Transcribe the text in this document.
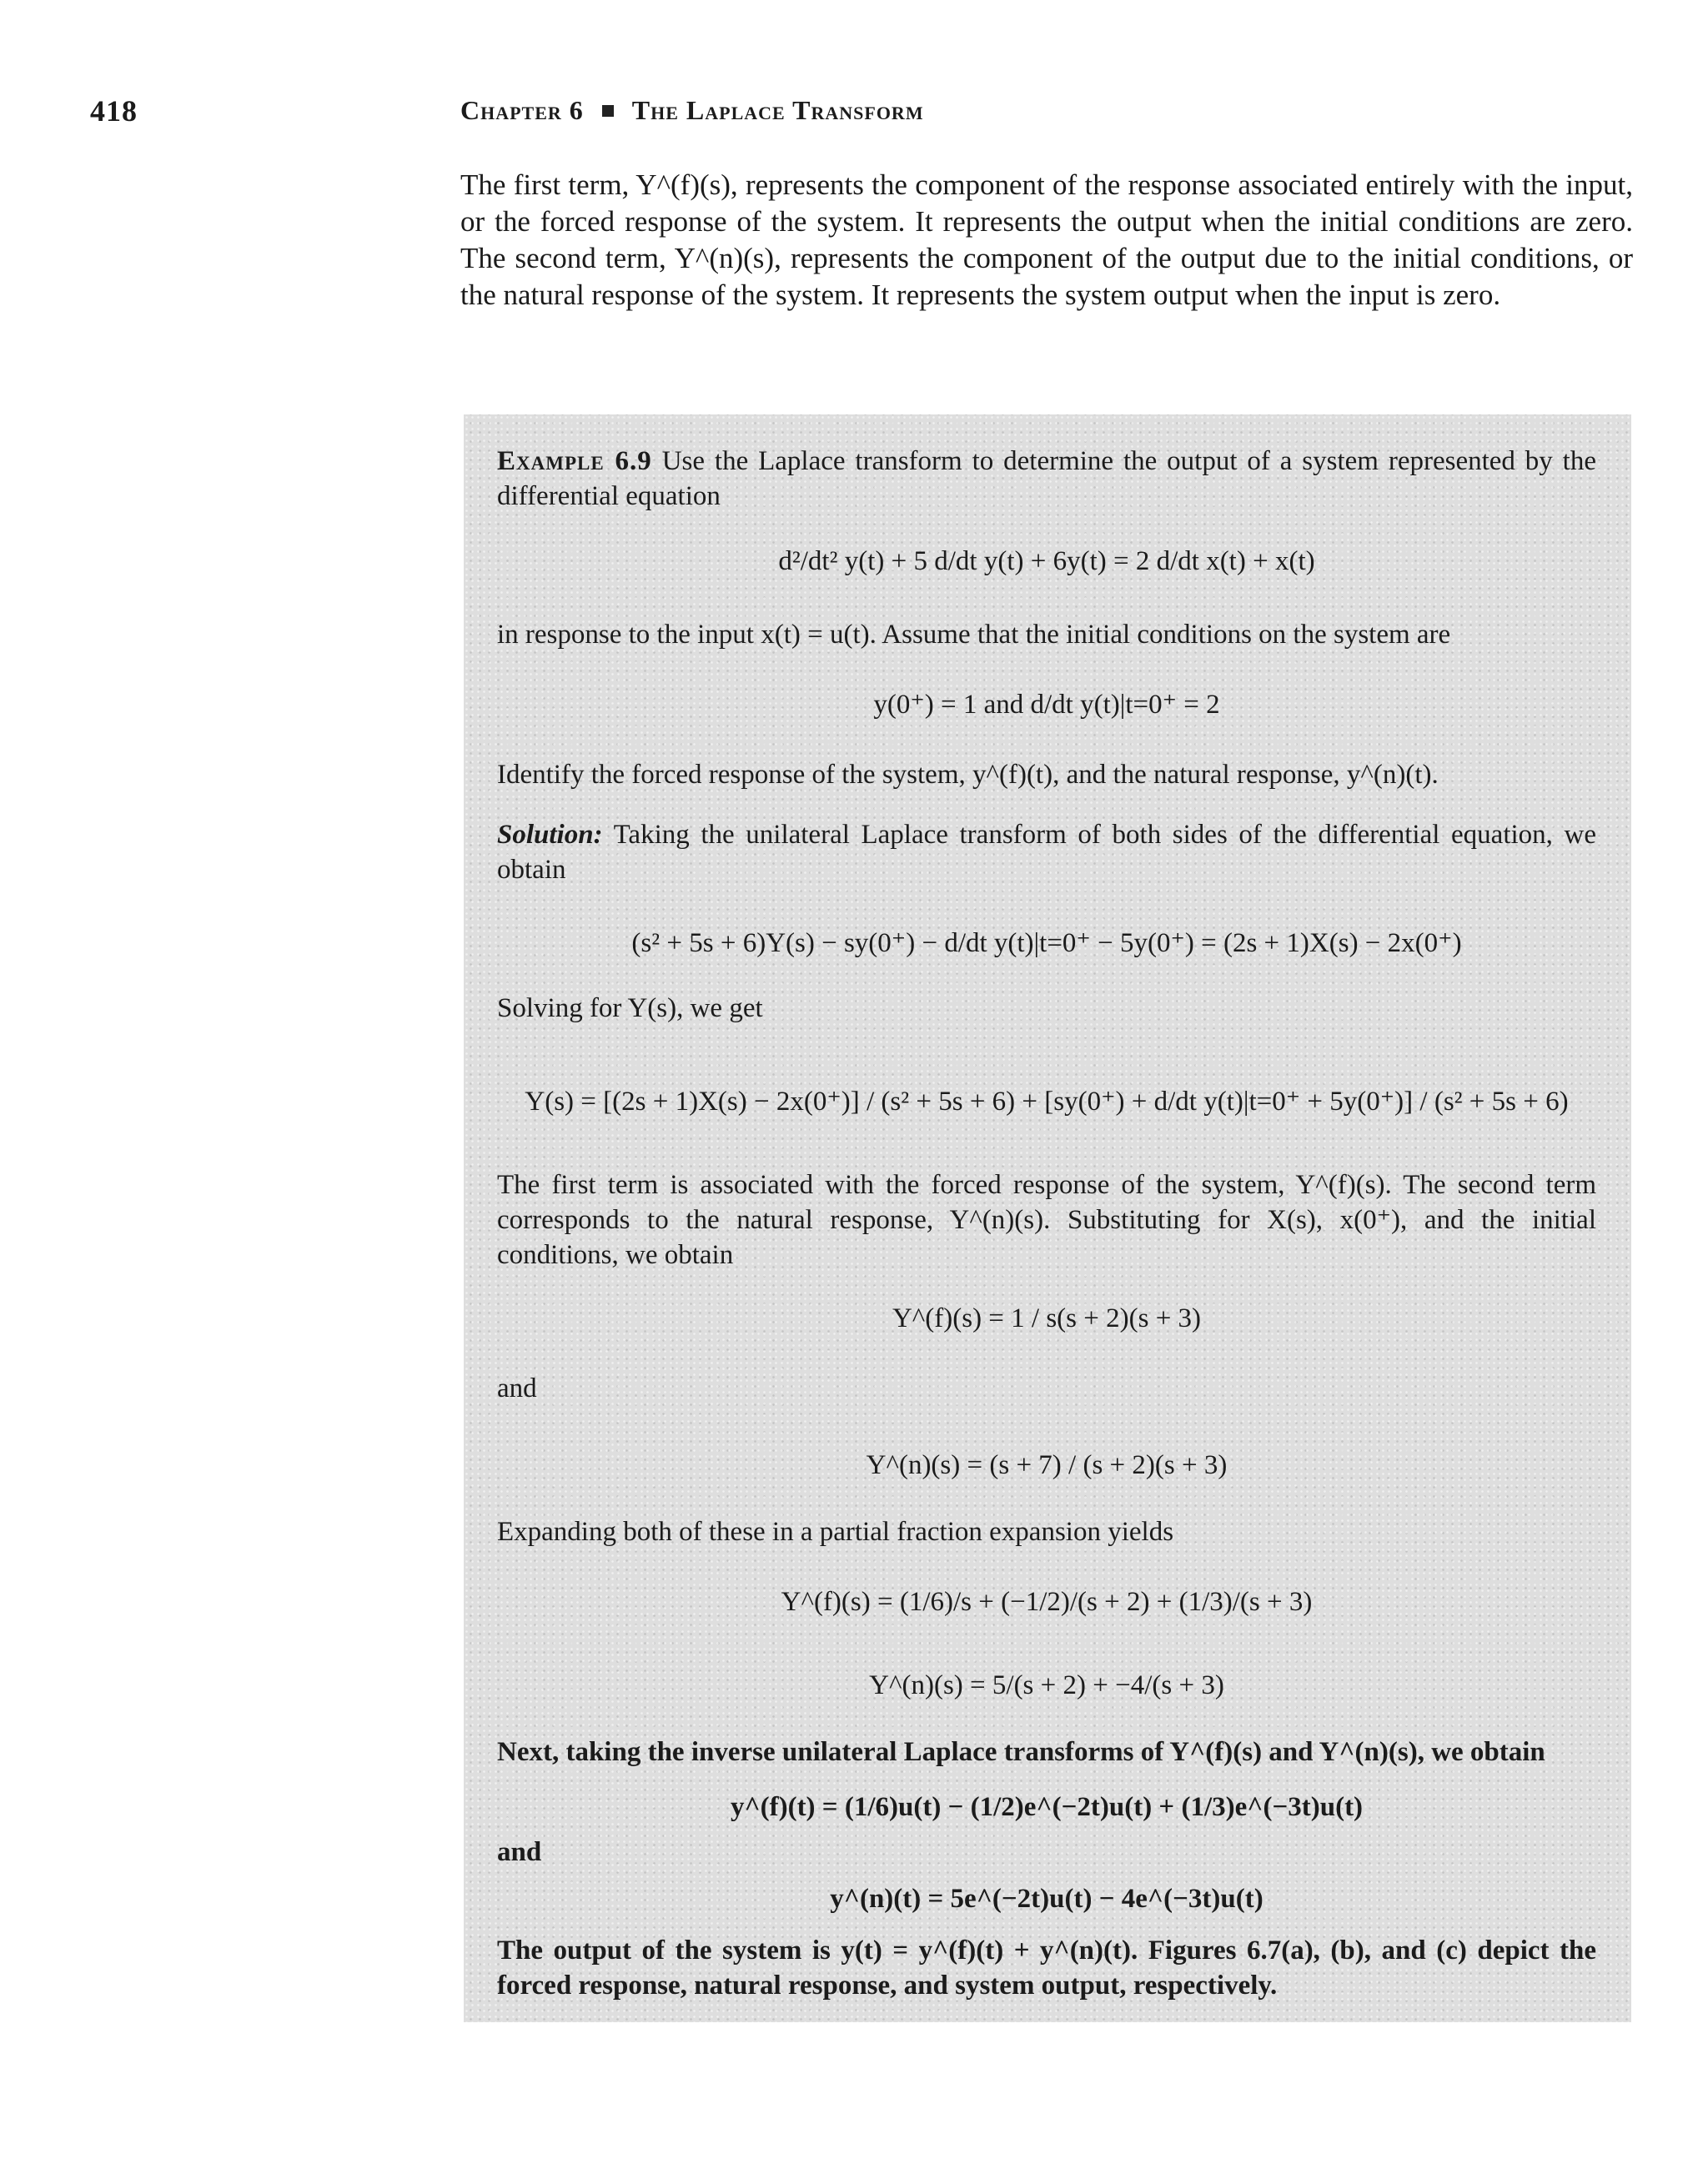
418	Chapter 6 The Laplace Transform

The first term, Y^(f)(s), represents the component of the response associated entirely with the input, or the forced response of the system. It represents the output when the initial conditions are zero. The second term, Y^(n)(s), represents the component of the output due to the initial conditions, or the natural response of the system. It represents the system output when the input is zero.

Example 6.9 Use the Laplace transform to determine the output of a system represented by the differential equation

d²/dt² y(t) + 5 d/dt y(t) + 6y(t) = 2 d/dt x(t) + x(t)

in response to the input x(t) = u(t). Assume that the initial conditions on the system are

y(0⁺) = 1 and d/dt y(t)|t=0⁺ = 2

Identify the forced response of the system, y^(f)(t), and the natural response, y^(n)(t).

Solution: Taking the unilateral Laplace transform of both sides of the differential equation, we obtain

(s² + 5s + 6)Y(s) − sy(0⁺) − d/dt y(t)|t=0⁺ − 5y(0⁺) = (2s + 1)X(s) − 2x(0⁺)

Solving for Y(s), we get

Y(s) = [(2s + 1)X(s) − 2x(0⁺)] / (s² + 5s + 6) + [sy(0⁺) + d/dt y(t)|t=0⁺ + 5y(0⁺)] / (s² + 5s + 6)

The first term is associated with the forced response of the system, Y^(f)(s). The second term corresponds to the natural response, Y^(n)(s). Substituting for X(s), x(0⁺), and the initial conditions, we obtain

Y^(f)(s) = 1 / s(s + 2)(s + 3)
and
Y^(n)(s) = (s + 7) / (s + 2)(s + 3)

Expanding both of these in a partial fraction expansion yields

Y^(f)(s) = (1/6)/s + (−1/2)/(s + 2) + (1/3)/(s + 3)
Y^(n)(s) = 5/(s + 2) + −4/(s + 3)

Next, taking the inverse unilateral Laplace transforms of Y^(f)(s) and Y^(n)(s), we obtain

y^(f)(t) = (1/6)u(t) − (1/2)e^(−2t)u(t) + (1/3)e^(−3t)u(t)
and
y^(n)(t) = 5e^(−2t)u(t) − 4e^(−3t)u(t)

The output of the system is y(t) = y^(f)(t) + y^(n)(t). Figures 6.7(a), (b), and (c) depict the forced response, natural response, and system output, respectively.
